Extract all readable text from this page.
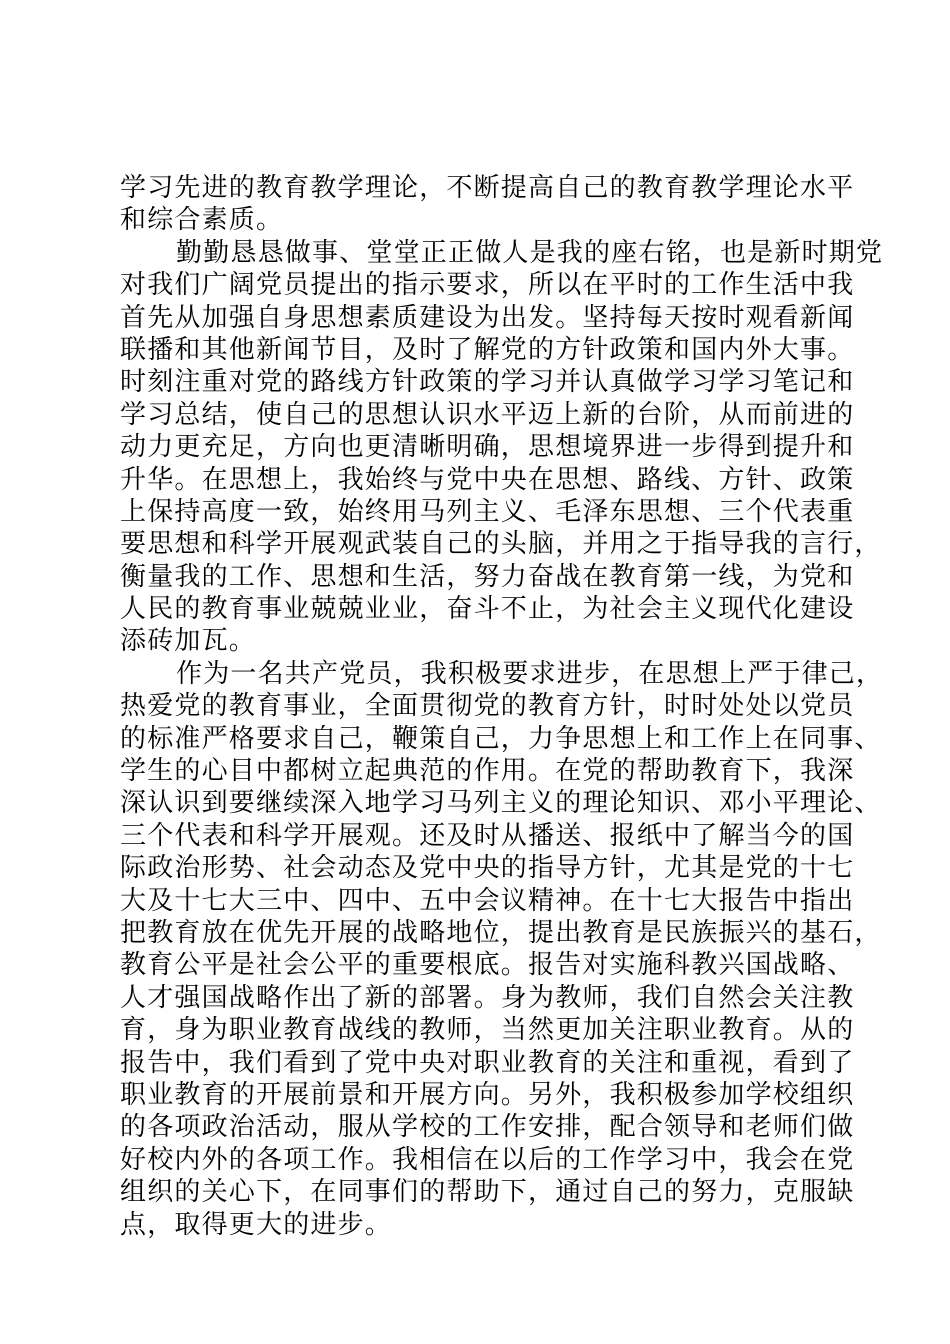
学习先进的教育教学理论，不断提高自己的教育教学理论水平
和综合素质。
勤勤恳恳做事、堂堂正正做人是我的座右铭，也是新时期党
对我们广阔党员提出的指示要求，所以在平时的工作生活中我
首先从加强自身思想素质建设为出发。坚持每天按时观看新闻
联播和其他新闻节目，及时了解党的方针政策和国内外大事。
时刻注重对党的路线方针政策的学习并认真做学习学习笔记和
学习总结，使自己的思想认识水平迈上新的台阶，从而前进的
动力更充足，方向也更清晰明确，思想境界进一步得到提升和
升华。在思想上，我始终与党中央在思想、路线、方针、政策
上保持高度一致，始终用马列主义、毛泽东思想、三个代表重
要思想和科学开展观武装自己的头脑，并用之于指导我的言行，
衡量我的工作、思想和生活，努力奋战在教育第一线，为党和
人民的教育事业兢兢业业，奋斗不止，为社会主义现代化建设
添砖加瓦。
作为一名共产党员，我积极要求进步，在思想上严于律己，
热爱党的教育事业，全面贯彻党的教育方针，时时处处以党员
的标准严格要求自己，鞭策自己，力争思想上和工作上在同事、
学生的心目中都树立起典范的作用。在党的帮助教育下，我深
深认识到要继续深入地学习马列主义的理论知识、邓小平理论、
三个代表和科学开展观。还及时从播送、报纸中了解当今的国
际政治形势、社会动态及党中央的指导方针，尤其是党的十七
大及十七大三中、四中、五中会议精神。在十七大报告中指出
把教育放在优先开展的战略地位，提出教育是民族振兴的基石，
教育公平是社会公平的重要根底。报告对实施科教兴国战略、
人才强国战略作出了新的部署。身为教师，我们自然会关注教
育，身为职业教育战线的教师，当然更加关注职业教育。从的
报告中，我们看到了党中央对职业教育的关注和重视，看到了
职业教育的开展前景和开展方向。另外，我积极参加学校组织
的各项政治活动，服从学校的工作安排，配合领导和老师们做
好校内外的各项工作。我相信在以后的工作学习中，我会在党
组织的关心下，在同事们的帮助下，通过自己的努力，克服缺
点，取得更大的进步。
